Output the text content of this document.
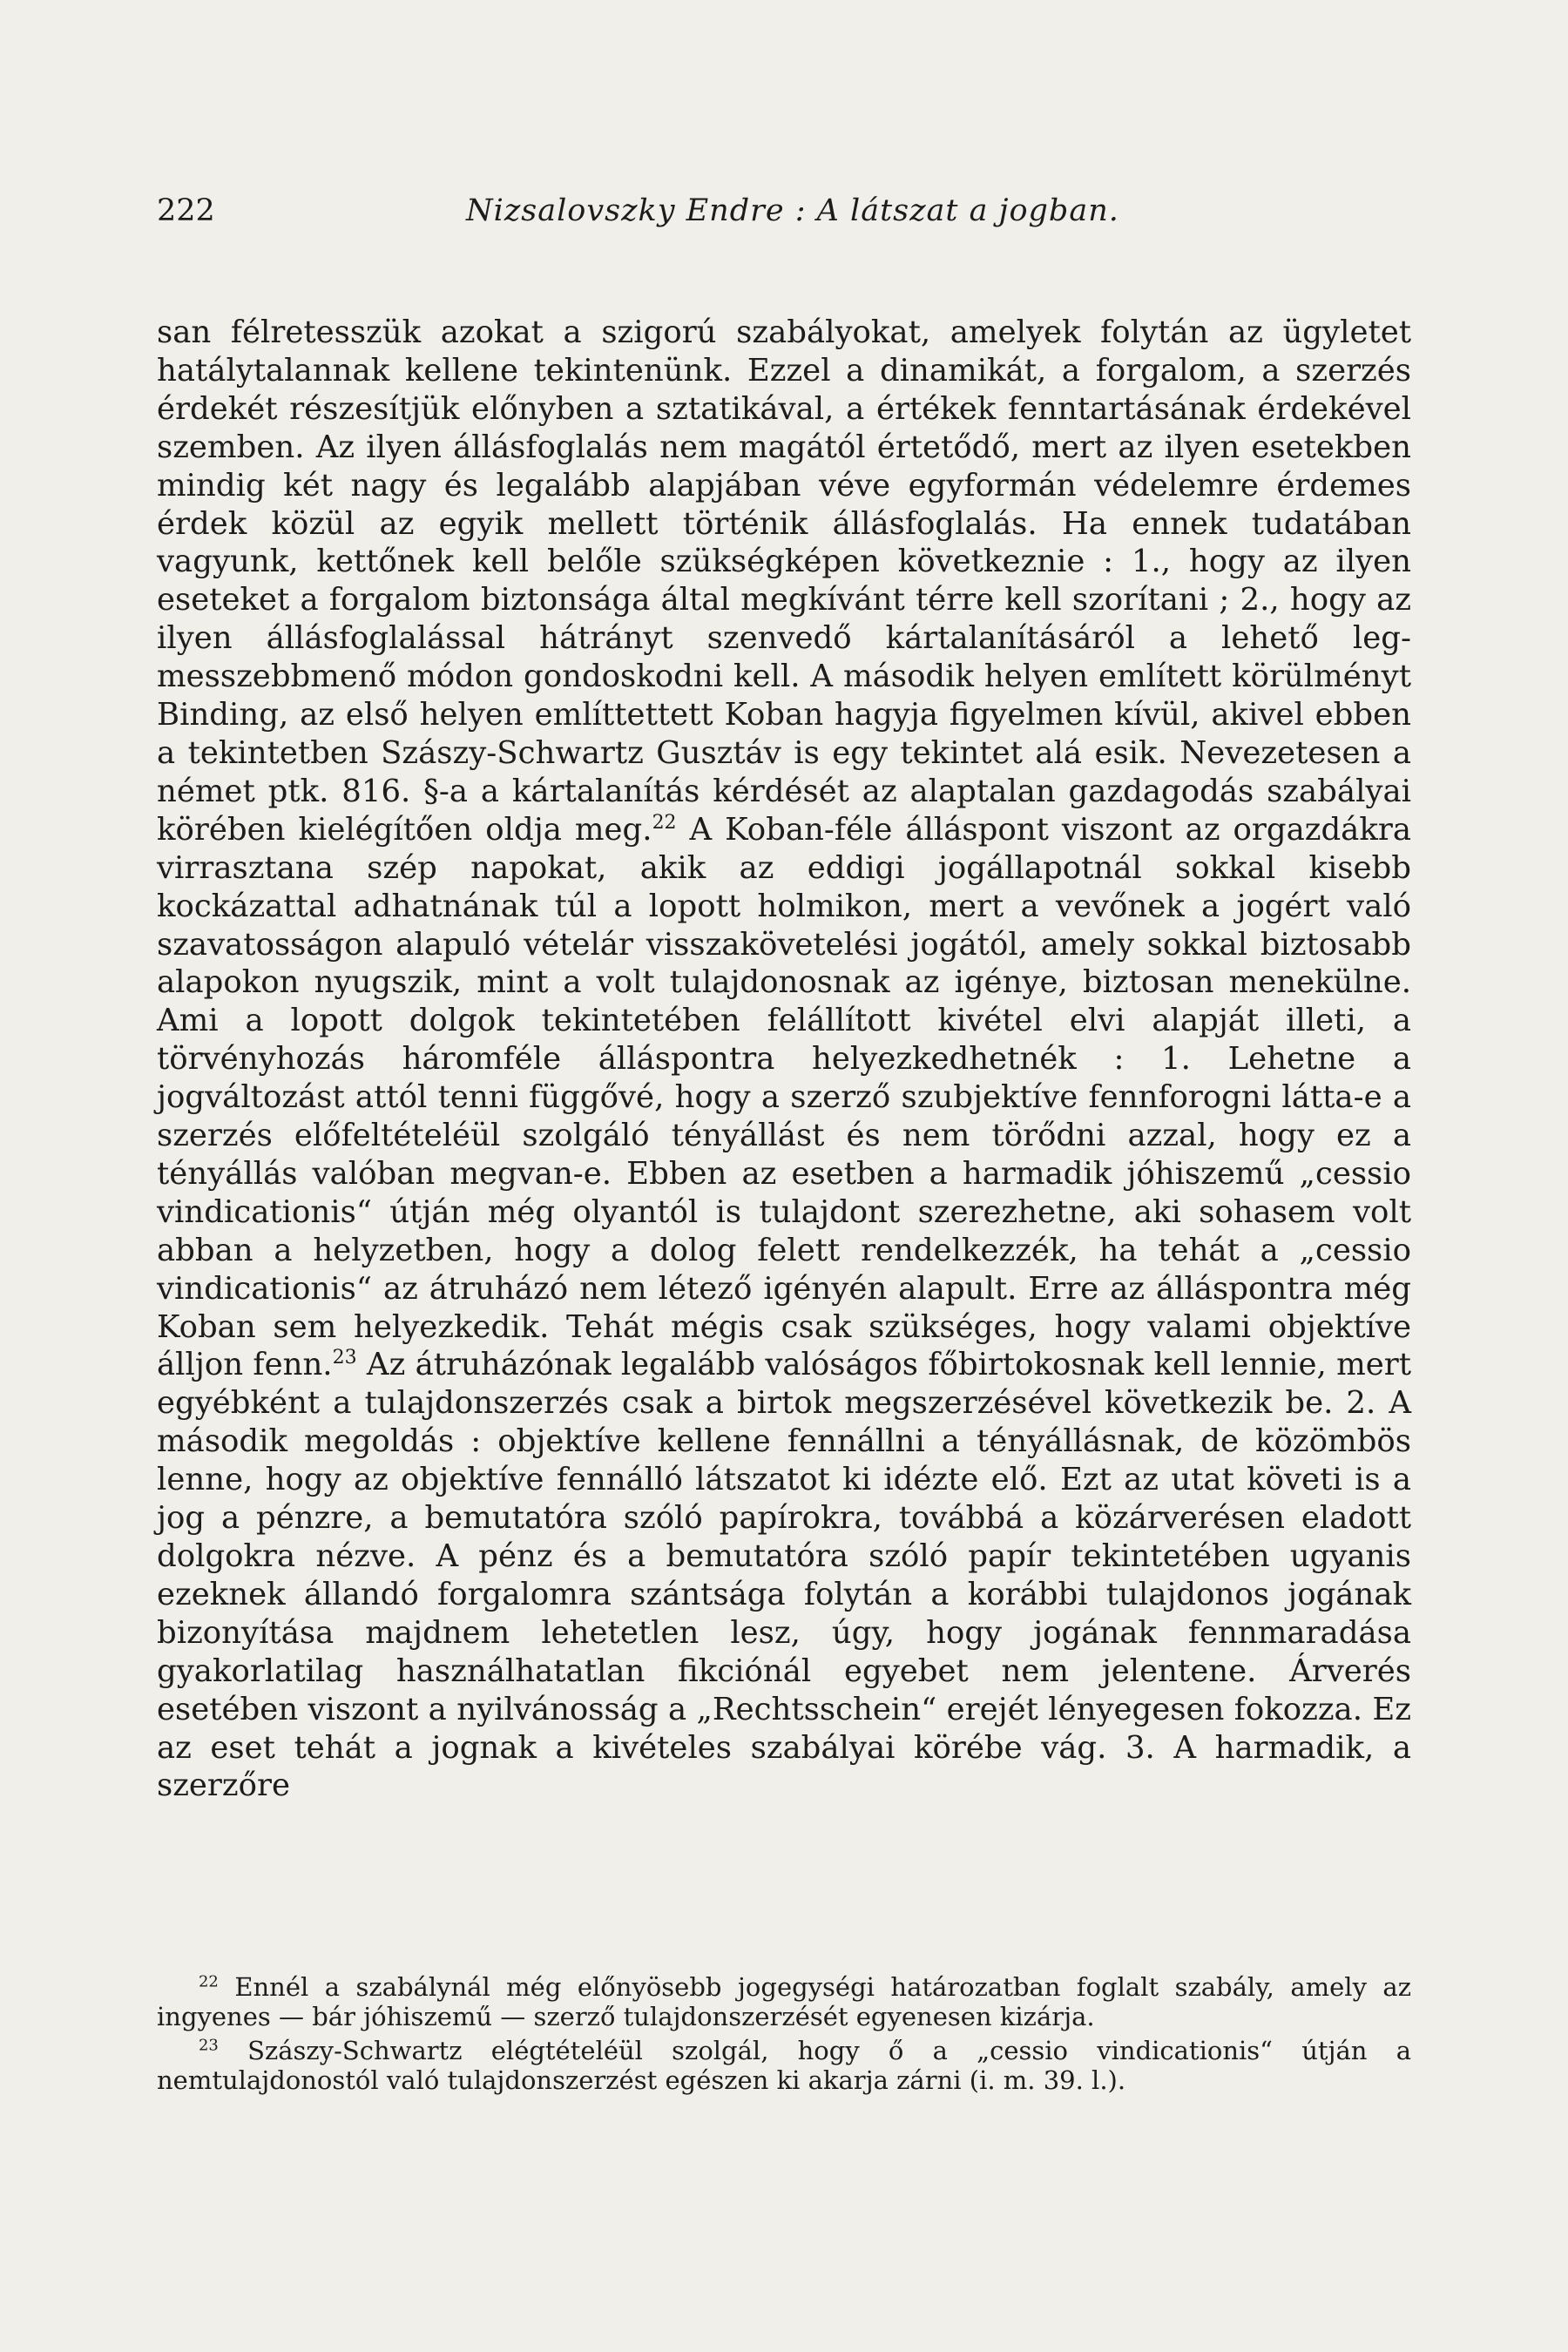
222	Nizsalovszky Endre : A látszat a jogban.

san félretesszük azokat a szigorú szabályokat, amelyek folytán az ügyletet hatálytalannak kellene tekintenünk. Ezzel a dinamikát, a forgalom, a szerzés érdekét részesítjük előnyben a sztatikával, a értékek fenntartásának érdekével szemben. Az ilyen állásfoglalás nem magától értetődő, mert az ilyen esetekben mindig két nagy és legalább alapjában véve egyformán védelemre érdemes érdek közül az egyik mellett történik állásfoglalás. Ha ennek tudatában vagyunk, kettőnek kell belőle szükségképen következnie : 1., hogy az ilyen eseteket a forgalom biztonsága által megkívánt térre kell szorítani ; 2., hogy az ilyen állásfoglalással hátrányt szenvedő kártalanításáról a lehető legmesszebbmenő módon gondoskodni kell. A második helyen említett körülményt Binding, az első helyen említtettett Koban hagyja figyelmen kívül, akivel ebben a tekintetben Szászy-Schwartz Gusztáv is egy tekintet alá esik. Nevezetesen a német ptk. 816. §-a a kártalanítás kérdését az alaptalan gazdagodás szabályai körében kielégítően oldja meg.$^{22}$ A Koban-féle álláspont viszont az orgazdákra virrasztana szép napokat, akik az eddigi jogállapotnál sokkal kisebb kockázattal adhatnának túl a lopott holmikon, mert a vevőnek a jogért való szavatosságon alapuló vételár visszakövetelési jogától, amely sokkal biztosabb alapokon nyugszik, mint a volt tulajdonosnak az igénye, biztosan menekülne. Ami a lopott dolgok tekintetében felállított kivétel elvi alapját illeti, a törvényhozás háromféle álláspontra helyezkedhetnék : 1. Lehetne a jogváltozást attól tenni függővé, hogy a szerző szubjektíve fennforogni látta-e a szerzés előfeltételéül szolgáló tényállást és nem törődni azzal, hogy ez a tényállás valóban megvan-e. Ebben az esetben a harmadik jóhiszemű „cessio vindicationis“ útján még olyantól is tulajdont szerezhetne, aki sohasem volt abban a helyzetben, hogy a dolog felett rendelkezzék, ha tehát a „cessio vindicationis“ az átruházó nem létező igényén alapult. Erre az álláspontra még Koban sem helyezkedik. Tehát mégis csak szükséges, hogy valami objektíve álljon fenn.$^{23}$ Az átruházónak legalább valóságos főbirtokosnak kell lennie, mert egyébként a tulajdonszerzés csak a birtok megszerzésével következik be. 2. A második megoldás : objektíve kellene fennállni a tényállásnak, de közömbös lenne, hogy az objektíve fennálló látszatot ki idézte elő. Ezt az utat követi is a jog a pénzre, a bemutatóra szóló papírokra, továbbá a közárverésen eladott dolgokra nézve. A pénz és a bemutatóra szóló papír tekintetében ugyanis ezeknek állandó forgalomra szántsága folytán a korábbi tulajdonos jogának bizonyítása majdnem lehetetlen lesz, úgy, hogy jogának fennmaradása gyakorlatilag használhatatlan fikciónál egyebet nem jelentene. Árverés esetében viszont a nyilvánosság a „Rechtsschein“ erejét lényegesen fokozza. Ez az eset tehát a jognak a kivételes szabályai körébe vág. 3. A harmadik, a szerzőre

$^{22}$ Ennél a szabálynál még előnyösebb jogegységi határozatban foglalt szabály, amely az ingyenes — bár jóhiszemű — szerző tulajdonszerzését egyenesen kizárja.

$^{23}$ Szászy-Schwartz elégtételéül szolgál, hogy ő a „cessio vindicationis“ útján a nemtulajdonostól való tulajdonszerzést egészen ki akarja zárni (i. m. 39. l.).
